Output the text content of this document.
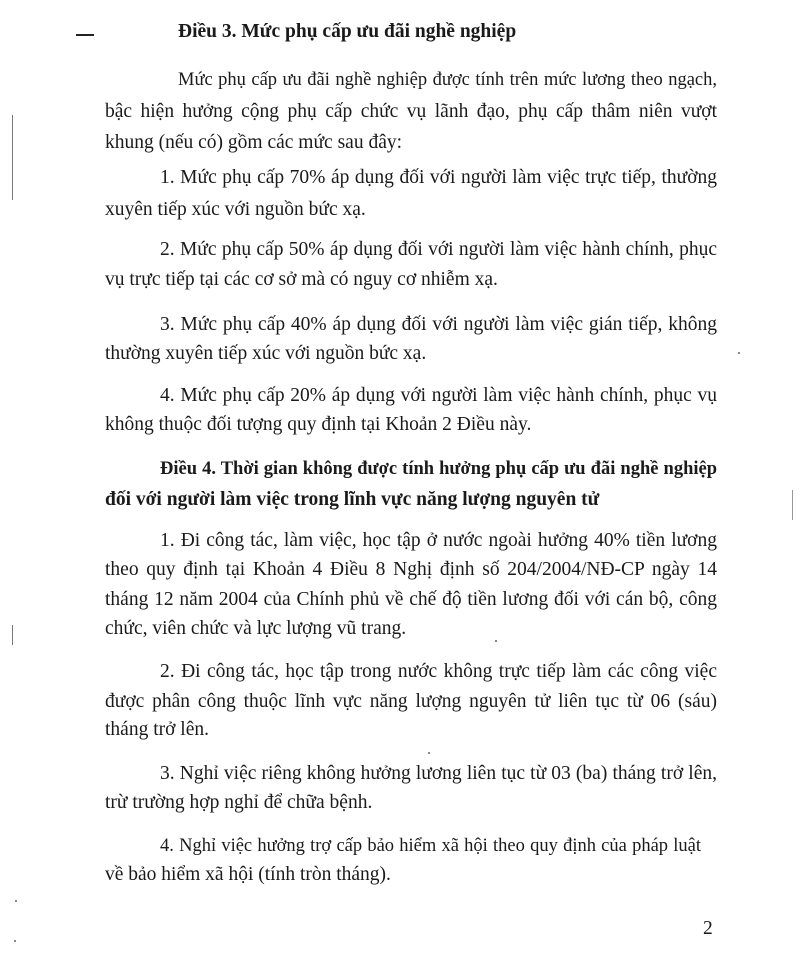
Điều 3. Mức phụ cấp ưu đãi nghề nghiệp
Mức phụ cấp ưu đãi nghề nghiệp được tính trên mức lương theo ngạch,
bậc hiện hưởng cộng phụ cấp chức vụ lãnh đạo, phụ cấp thâm niên vượt
khung (nếu có) gồm các mức sau đây:
1. Mức phụ cấp 70% áp dụng đối với người làm việc trực tiếp, thường
xuyên tiếp xúc với nguồn bức xạ.
2. Mức phụ cấp 50% áp dụng đối với người làm việc hành chính, phục
vụ trực tiếp tại các cơ sở mà có nguy cơ nhiễm xạ.
3. Mức phụ cấp 40% áp dụng đối với người làm việc gián tiếp, không
thường xuyên tiếp xúc với nguồn bức xạ.
4. Mức phụ cấp 20% áp dụng với người làm việc hành chính, phục vụ
không thuộc đối tượng quy định tại Khoản 2 Điều này.
Điều 4. Thời gian không được tính hưởng phụ cấp ưu đãi nghề nghiệp
đối với người làm việc trong lĩnh vực năng lượng nguyên tử
1. Đi công tác, làm việc, học tập ở nước ngoài hưởng 40% tiền lương
theo quy định tại Khoản 4 Điều 8 Nghị định số 204/2004/NĐ-CP ngày 14
tháng 12 năm 2004 của Chính phủ về chế độ tiền lương đối với cán bộ, công
chức, viên chức và lực lượng vũ trang.
2. Đi công tác, học tập trong nước không trực tiếp làm các công việc
được phân công thuộc lĩnh vực năng lượng nguyên tử liên tục từ 06 (sáu)
tháng trở lên.
3. Nghỉ việc riêng không hưởng lương liên tục từ 03 (ba) tháng trở lên,
trừ trường hợp nghỉ để chữa bệnh.
4. Nghỉ việc hưởng trợ cấp bảo hiểm xã hội theo quy định của pháp luật
về bảo hiểm xã hội (tính tròn tháng).
2
